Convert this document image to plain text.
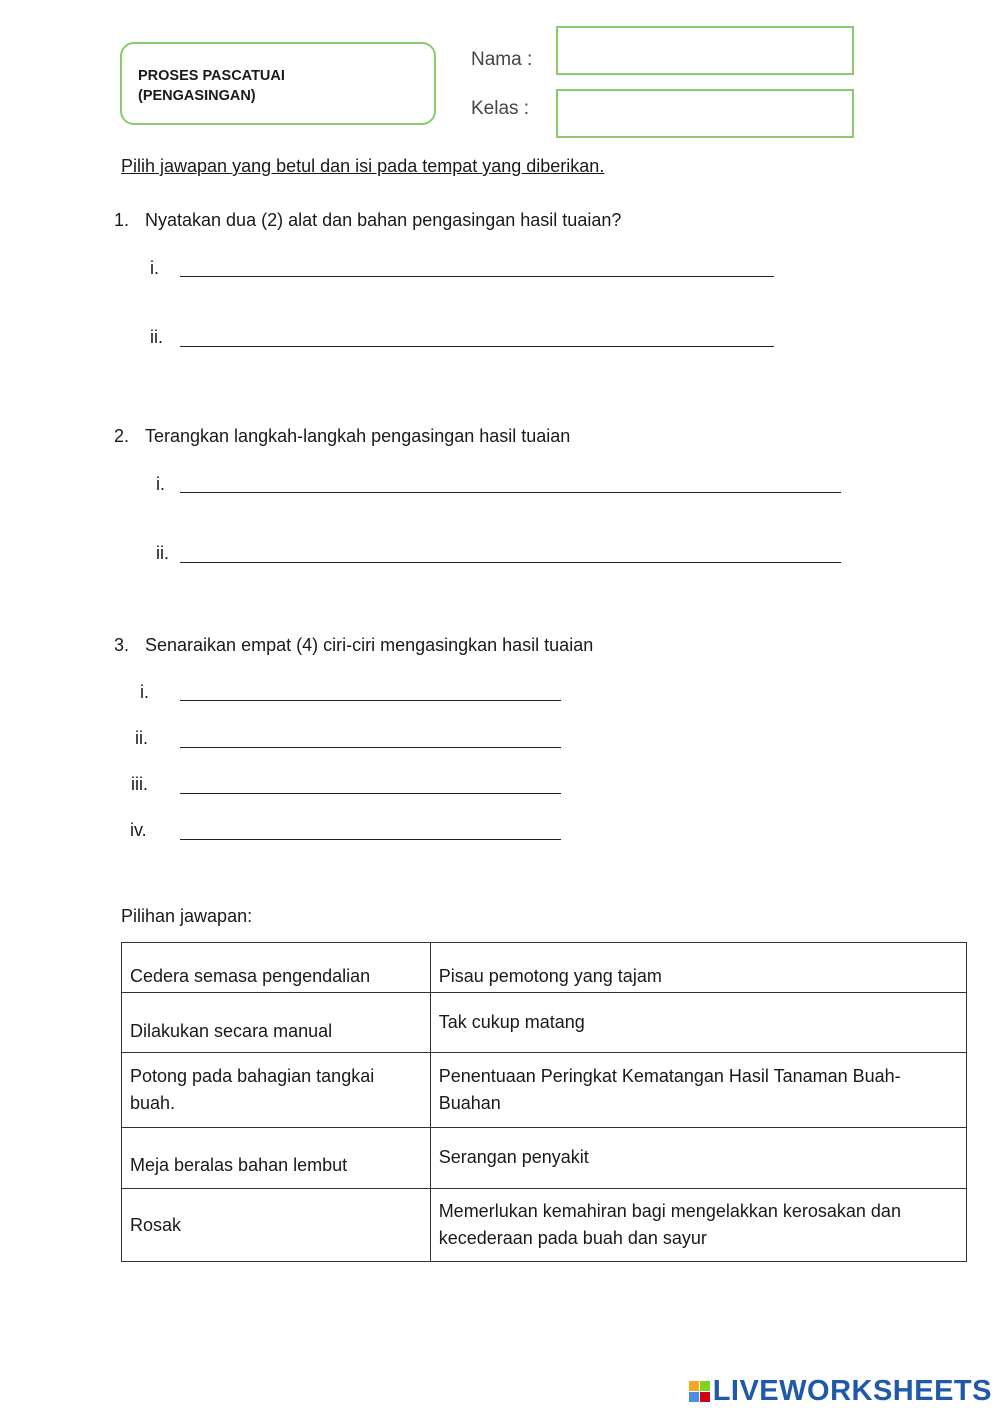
PROSES PASCATUAI
(PENGASINGAN)
Nama :
Kelas :
Pilih jawapan yang betul dan isi pada tempat yang diberikan.
1. Nyatakan dua (2) alat dan bahan pengasingan hasil tuaian?
i.
ii.
2. Terangkan langkah-langkah pengasingan hasil tuaian
i.
ii.
3. Senaraikan empat (4) ciri-ciri mengasingkan hasil tuaian
i.
ii.
iii.
iv.
Pilihan jawapan:
Cedera semasa pengendalian	Pisau pemotong yang tajam
Dilakukan secara manual	Tak cukup matang
Potong pada bahagian tangkai buah.	Penentuaan Peringkat Kematangan Hasil Tanaman Buah-Buahan
Meja beralas bahan lembut	Serangan penyakit
Rosak	Memerlukan kemahiran bagi mengelakkan kerosakan dan kecederaan pada buah dan sayur
LIVEWORKSHEETS
